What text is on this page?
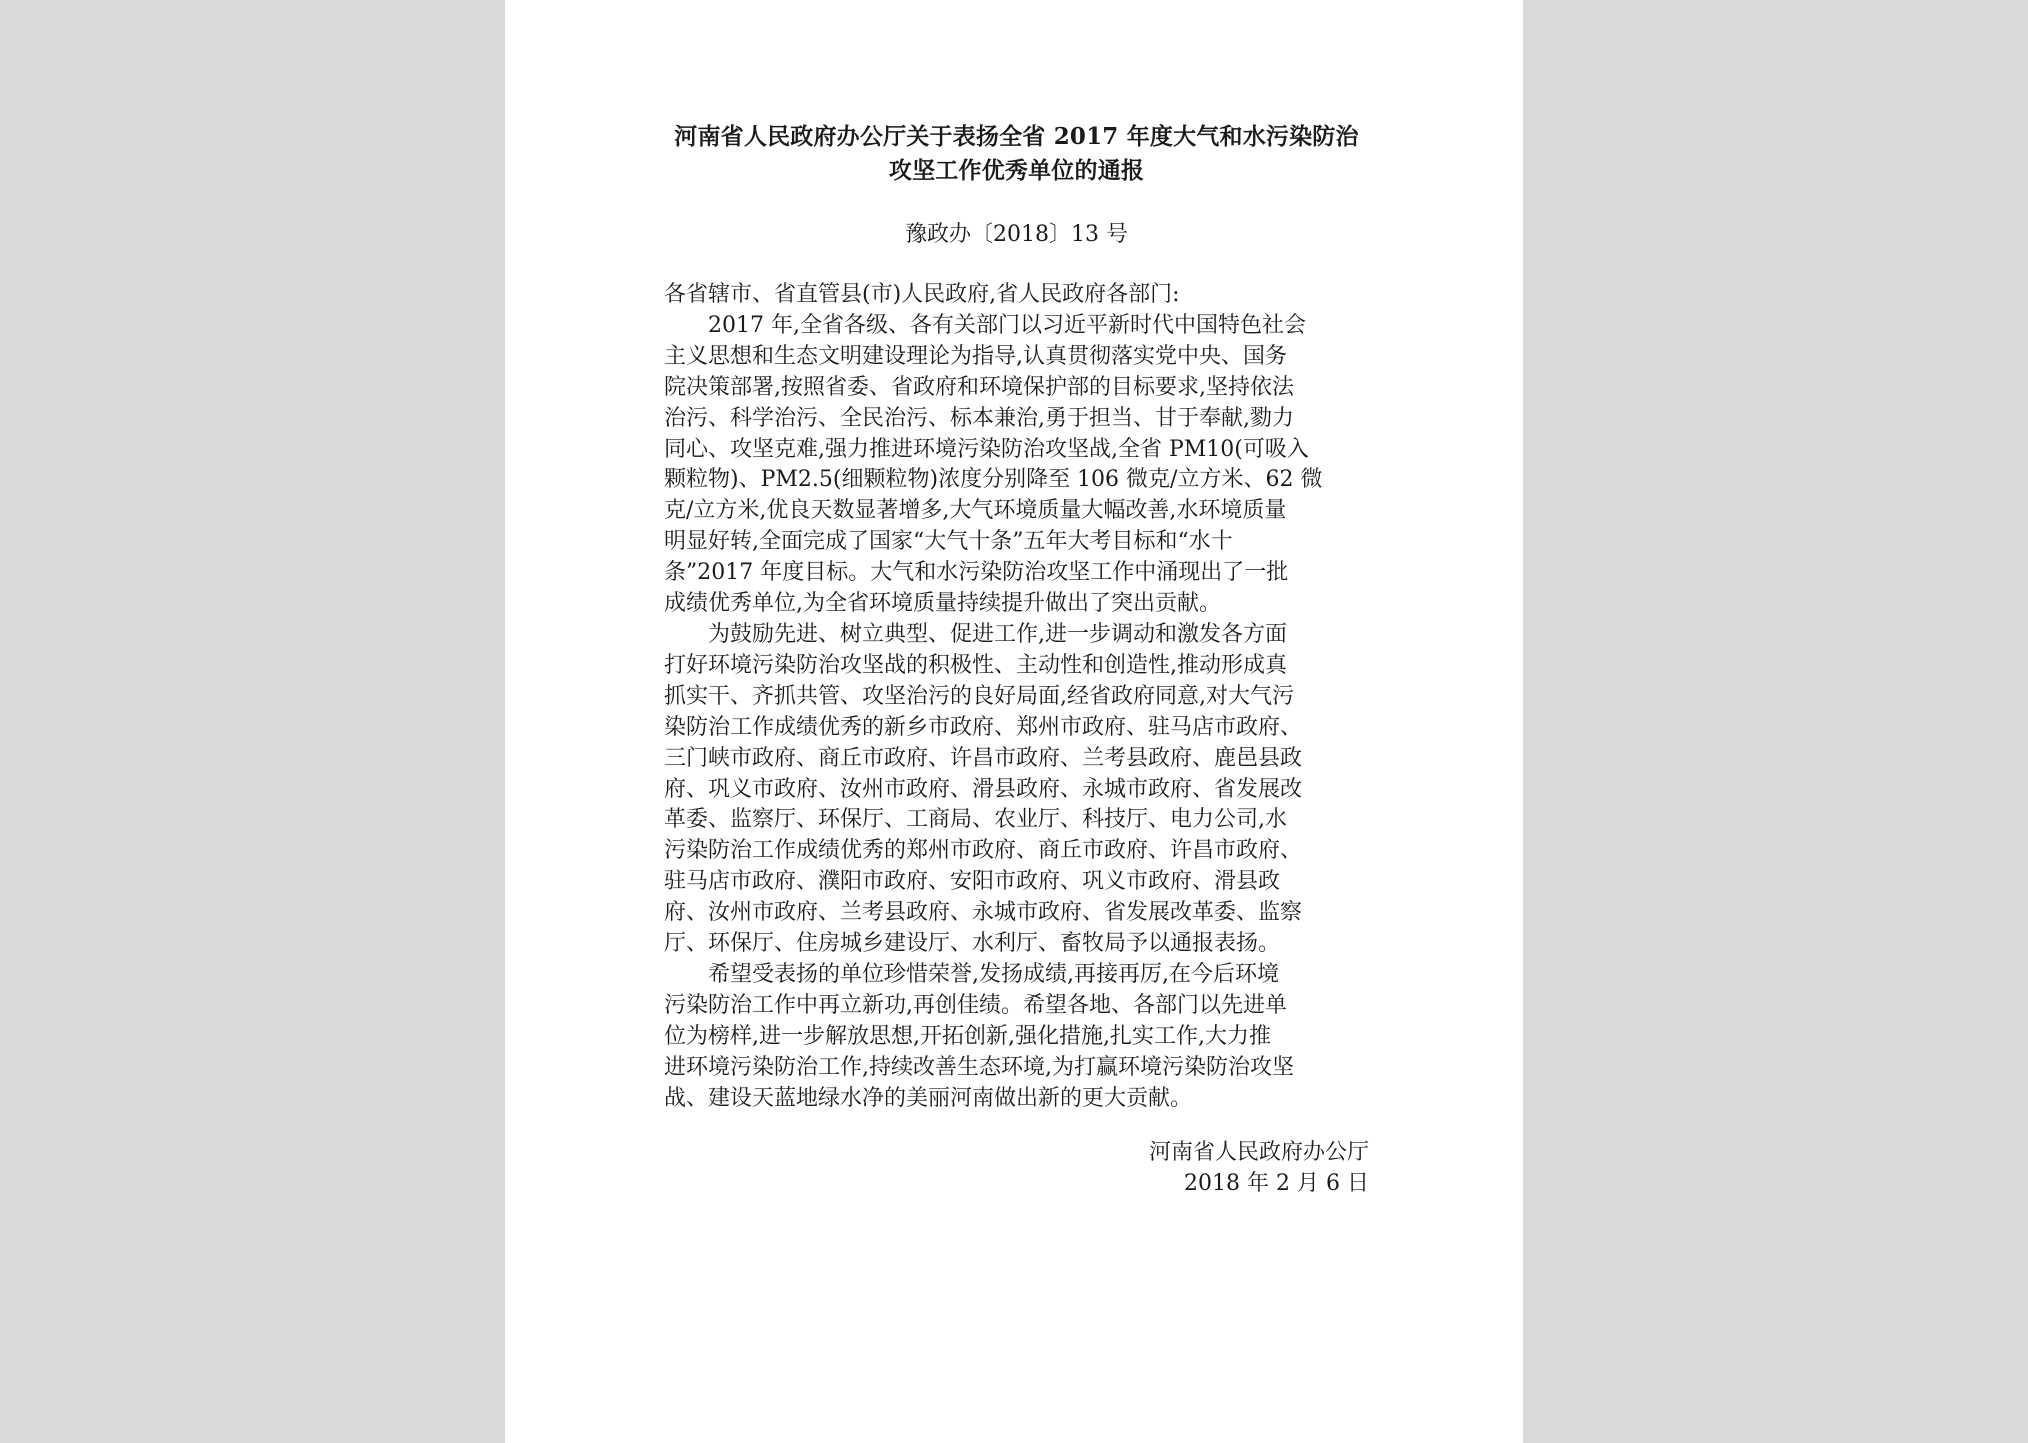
河南省人民政府办公厅关于表扬全省 2017 年度大气和水污染防治
攻坚工作优秀单位的通报

豫政办〔2018〕13 号

各省辖市、省直管县(市)人民政府,省人民政府各部门:

　　2017 年,全省各级、各有关部门以习近平新时代中国特色社会
主义思想和生态文明建设理论为指导,认真贯彻落实党中央、国务
院决策部署,按照省委、省政府和环境保护部的目标要求,坚持依法
治污、科学治污、全民治污、标本兼治,勇于担当、甘于奉献,勠力
同心、攻坚克难,强力推进环境污染防治攻坚战,全省 PM10(可吸入
颗粒物)、PM2.5(细颗粒物)浓度分别降至 106 微克/立方米、62 微
克/立方米,优良天数显著增多,大气环境质量大幅改善,水环境质量
明显好转,全面完成了国家“大气十条”五年大考目标和“水十
条”2017 年度目标。大气和水污染防治攻坚工作中涌现出了一批
成绩优秀单位,为全省环境质量持续提升做出了突出贡献。

　　为鼓励先进、树立典型、促进工作,进一步调动和激发各方面
打好环境污染防治攻坚战的积极性、主动性和创造性,推动形成真
抓实干、齐抓共管、攻坚治污的良好局面,经省政府同意,对大气污
染防治工作成绩优秀的新乡市政府、郑州市政府、驻马店市政府、
三门峡市政府、商丘市政府、许昌市政府、兰考县政府、鹿邑县政
府、巩义市政府、汝州市政府、滑县政府、永城市政府、省发展改
革委、监察厅、环保厅、工商局、农业厅、科技厅、电力公司,水
污染防治工作成绩优秀的郑州市政府、商丘市政府、许昌市政府、
驻马店市政府、濮阳市政府、安阳市政府、巩义市政府、滑县政
府、汝州市政府、兰考县政府、永城市政府、省发展改革委、监察
厅、环保厅、住房城乡建设厅、水利厅、畜牧局予以通报表扬。

　　希望受表扬的单位珍惜荣誉,发扬成绩,再接再厉,在今后环境
污染防治工作中再立新功,再创佳绩。希望各地、各部门以先进单
位为榜样,进一步解放思想,开拓创新,强化措施,扎实工作,大力推
进环境污染防治工作,持续改善生态环境,为打赢环境污染防治攻坚
战、建设天蓝地绿水净的美丽河南做出新的更大贡献。

河南省人民政府办公厅
2018 年 2 月 6 日
